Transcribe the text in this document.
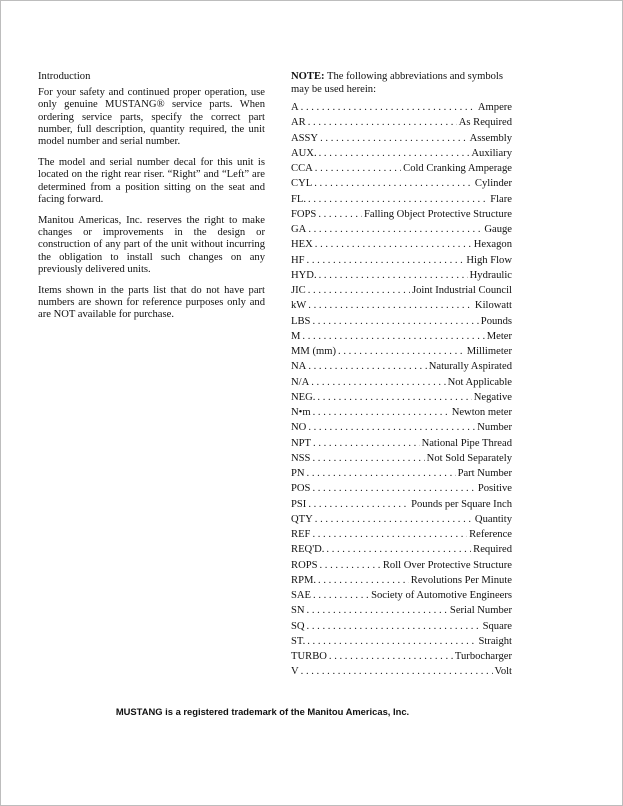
Introduction

For your safety and continued proper operation, use only genuine MUSTANG® service parts. When ordering service parts, specify the correct part number, full description, quantity required, the unit model number and serial number.

The model and serial number decal for this unit is located on the right rear riser. “Right” and “Left” are determined from a position sitting on the seat and facing forward.

Manitou Americas, Inc. reserves the right to make changes or improvements in the design or construction of any part of the unit without incurring the obligation to install such changes on any previously delivered units.

Items shown in the parts list that do not have part numbers are shown for reference purposes only and are NOT available for purchase.

NOTE: The following abbreviations and symbols may be used herein:
A . . .	Ampere
AR . . .	As Required
ASSY . . .	Assembly
AUX. . . .	Auxiliary
CCA . . .	Cold Cranking Amperage
CYL . . .	Cylinder
FL. . . .	Flare
FOPS . . .	Falling Object Protective Structure
GA . . .	Gauge
HEX . . .	Hexagon
HF . . .	High Flow
HYD. . . .	Hydraulic
JIC . . .	Joint Industrial Council
kW . . .	Kilowatt
LBS . . .	Pounds
M . . .	Meter
MM (mm) . . .	Millimeter
NA . . .	Naturally Aspirated
N/A . . .	Not Applicable
NEG. . . .	Negative
N•m . . .	Newton meter
NO . . .	Number
NPT . . .	National Pipe Thread
NSS . . .	Not Sold Separately
PN . . .	Part Number
POS . . .	Positive
PSI . . .	Pounds per Square Inch
QTY . . .	Quantity
REF . . .	Reference
REQ'D. . . .	Required
ROPS . . .	Roll Over Protective Structure
RPM. . . .	Revolutions Per Minute
SAE . . .	Society of Automotive Engineers
SN . . .	Serial Number
SQ . . .	Square
ST. . . .	Straight
TURBO . . .	Turbocharger
V . . .	Volt
MUSTANG is a registered trademark of the Manitou Americas, Inc.
